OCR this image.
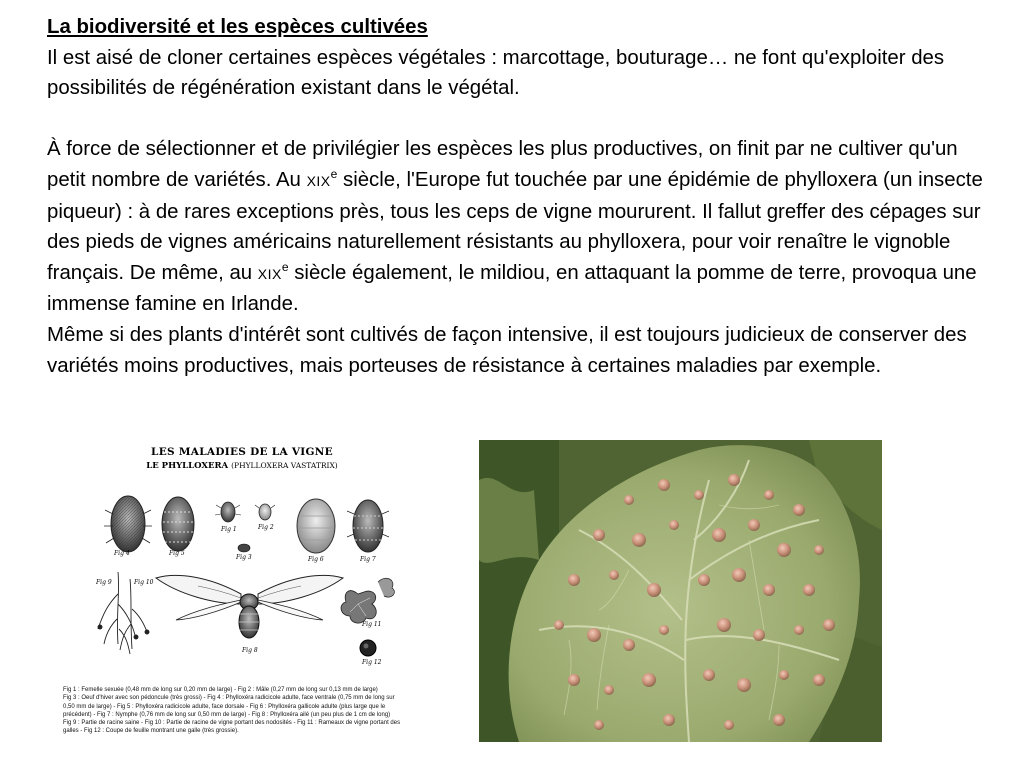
La biodiversité et les espèces cultivées

Il est aisé de cloner certaines espèces végétales : marcottage, bouturage… ne font qu'exploiter des possibilités de régénération existant dans le végétal.

À force de sélectionner et de privilégier les espèces les plus productives, on finit par ne cultiver qu'un petit nombre de variétés. Au XIXe siècle, l'Europe fut touchée par une épidémie de phylloxera (un insecte piqueur) : à de rares exceptions près, tous les ceps de vigne moururent. Il fallut greffer des cépages sur des pieds de vignes américains naturellement résistants au phylloxera, pour voir renaître le vignoble français. De même, au XIXe siècle également, le mildiou, en attaquant la pomme de terre, provoqua une immense famine en Irlande.

Même si des plants d'intérêt sont cultivés de façon intensive, il est toujours judicieux de conserver des variétés moins productives, mais porteuses de résistance à certaines maladies par exemple.

LES MALADIES DE LA VIGNE
LE PHYLLOXERA (PHYLLOXERA VASTATRIX)
Fig 4	Fig 5
Fig 1	Fig 2
Fig 3	Fig 6	Fig 7
Fig 9	Fig 10
Fig 8
Fig 11
Fig 12

Fig 1 : Femelle sexuée (0,48 mm de long sur 0,20 mm de large) - Fig 2 : Mâle (0,27 mm de long sur 0,13 mm de large)

Fig 3 : Oeuf d'hiver avec son pédoncule (très grossi) - Fig 4 : Phylloxéra radicicole adulte, face ventrale (0,75 mm de long sur

0,50 mm de large) - Fig 5 : Phylloxéra radicicole adulte, face dorsale - Fig 6 : Phylloxéra gallicole adulte (plus large que le

précédent) - Fig 7 : Nymphe (0,76 mm de long sur 0,50 mm de large) - Fig 8 : Phylloxéra ailé (un peu plus de 1 cm de long)

Fig 9 : Partie de racine saine - Fig 10 : Partie de racine de vigne portant des nodosités - Fig 11 : Rameaux de vigne portant des

galles - Fig 12 : Coupe de feuille montrant une galle (très grossie).
